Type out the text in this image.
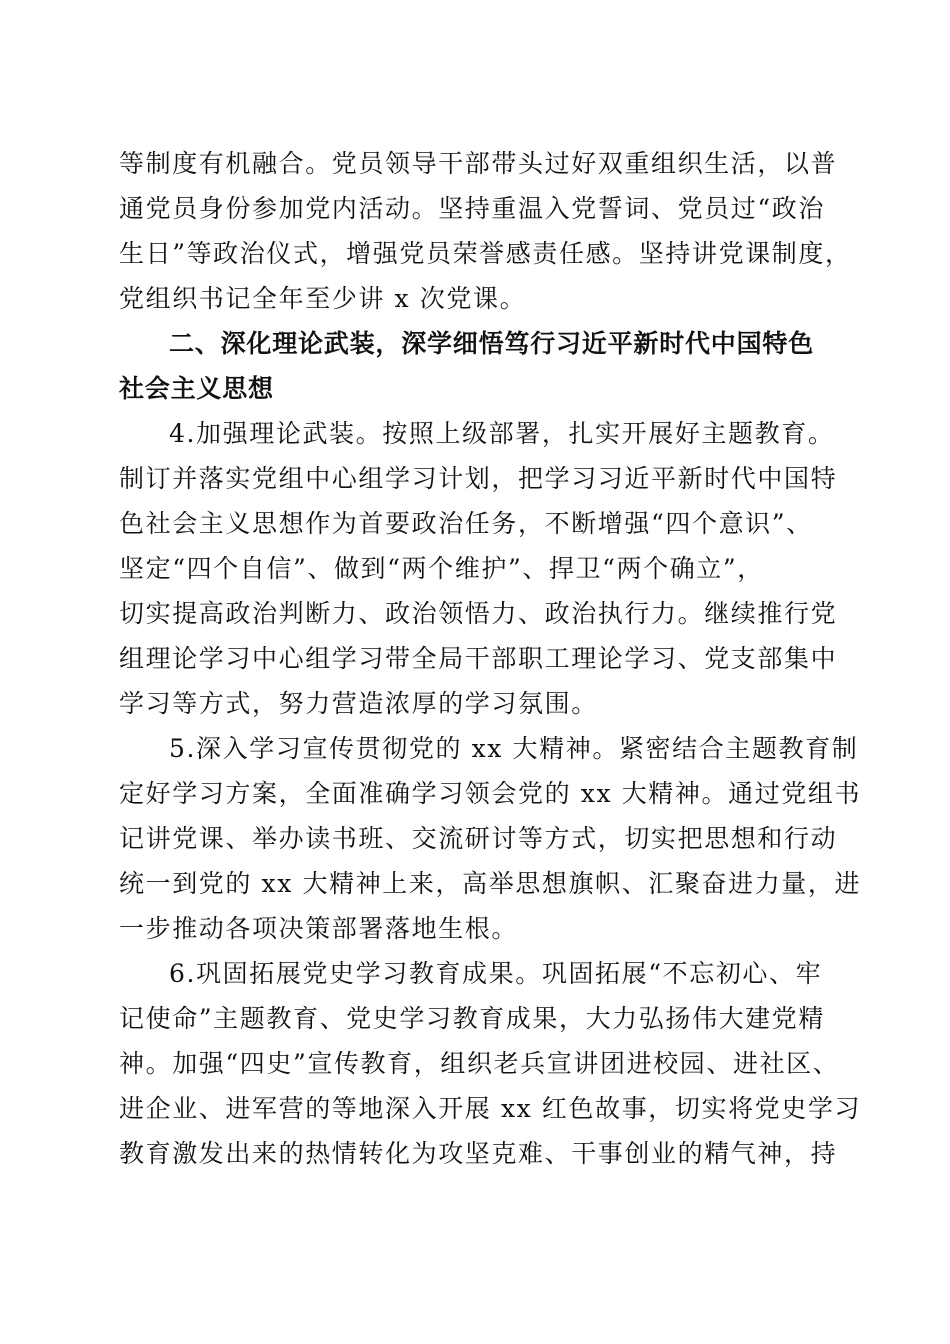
等制度有机融合。党员领导干部带头过好双重组织生活，以普
通党员身份参加党内活动。坚持重温入党誓词、党员过“政治
生日”等政治仪式，增强党员荣誉感责任感。坚持讲党课制度，
党组织书记全年至少讲 x 次党课。
二、深化理论武装，深学细悟笃行习近平新时代中国特色
社会主义思想
4.加强理论武装。按照上级部署，扎实开展好主题教育。
制订并落实党组中心组学习计划，把学习习近平新时代中国特
色社会主义思想作为首要政治任务，不断增强“四个意识”、
坚定“四个自信”、做到“两个维护”、捍卫“两个确立”，
切实提高政治判断力、政治领悟力、政治执行力。继续推行党
组理论学习中心组学习带全局干部职工理论学习、党支部集中
学习等方式，努力营造浓厚的学习氛围。
5.深入学习宣传贯彻党的 xx 大精神。紧密结合主题教育制
定好学习方案，全面准确学习领会党的 xx 大精神。通过党组书
记讲党课、举办读书班、交流研讨等方式，切实把思想和行动
统一到党的 xx 大精神上来，高举思想旗帜、汇聚奋进力量，进
一步推动各项决策部署落地生根。
6.巩固拓展党史学习教育成果。巩固拓展“不忘初心、牢
记使命”主题教育、党史学习教育成果，大力弘扬伟大建党精
神。加强“四史”宣传教育，组织老兵宣讲团进校园、进社区、
进企业、进军营的等地深入开展 xx 红色故事，切实将党史学习
教育激发出来的热情转化为攻坚克难、干事创业的精气神，持
